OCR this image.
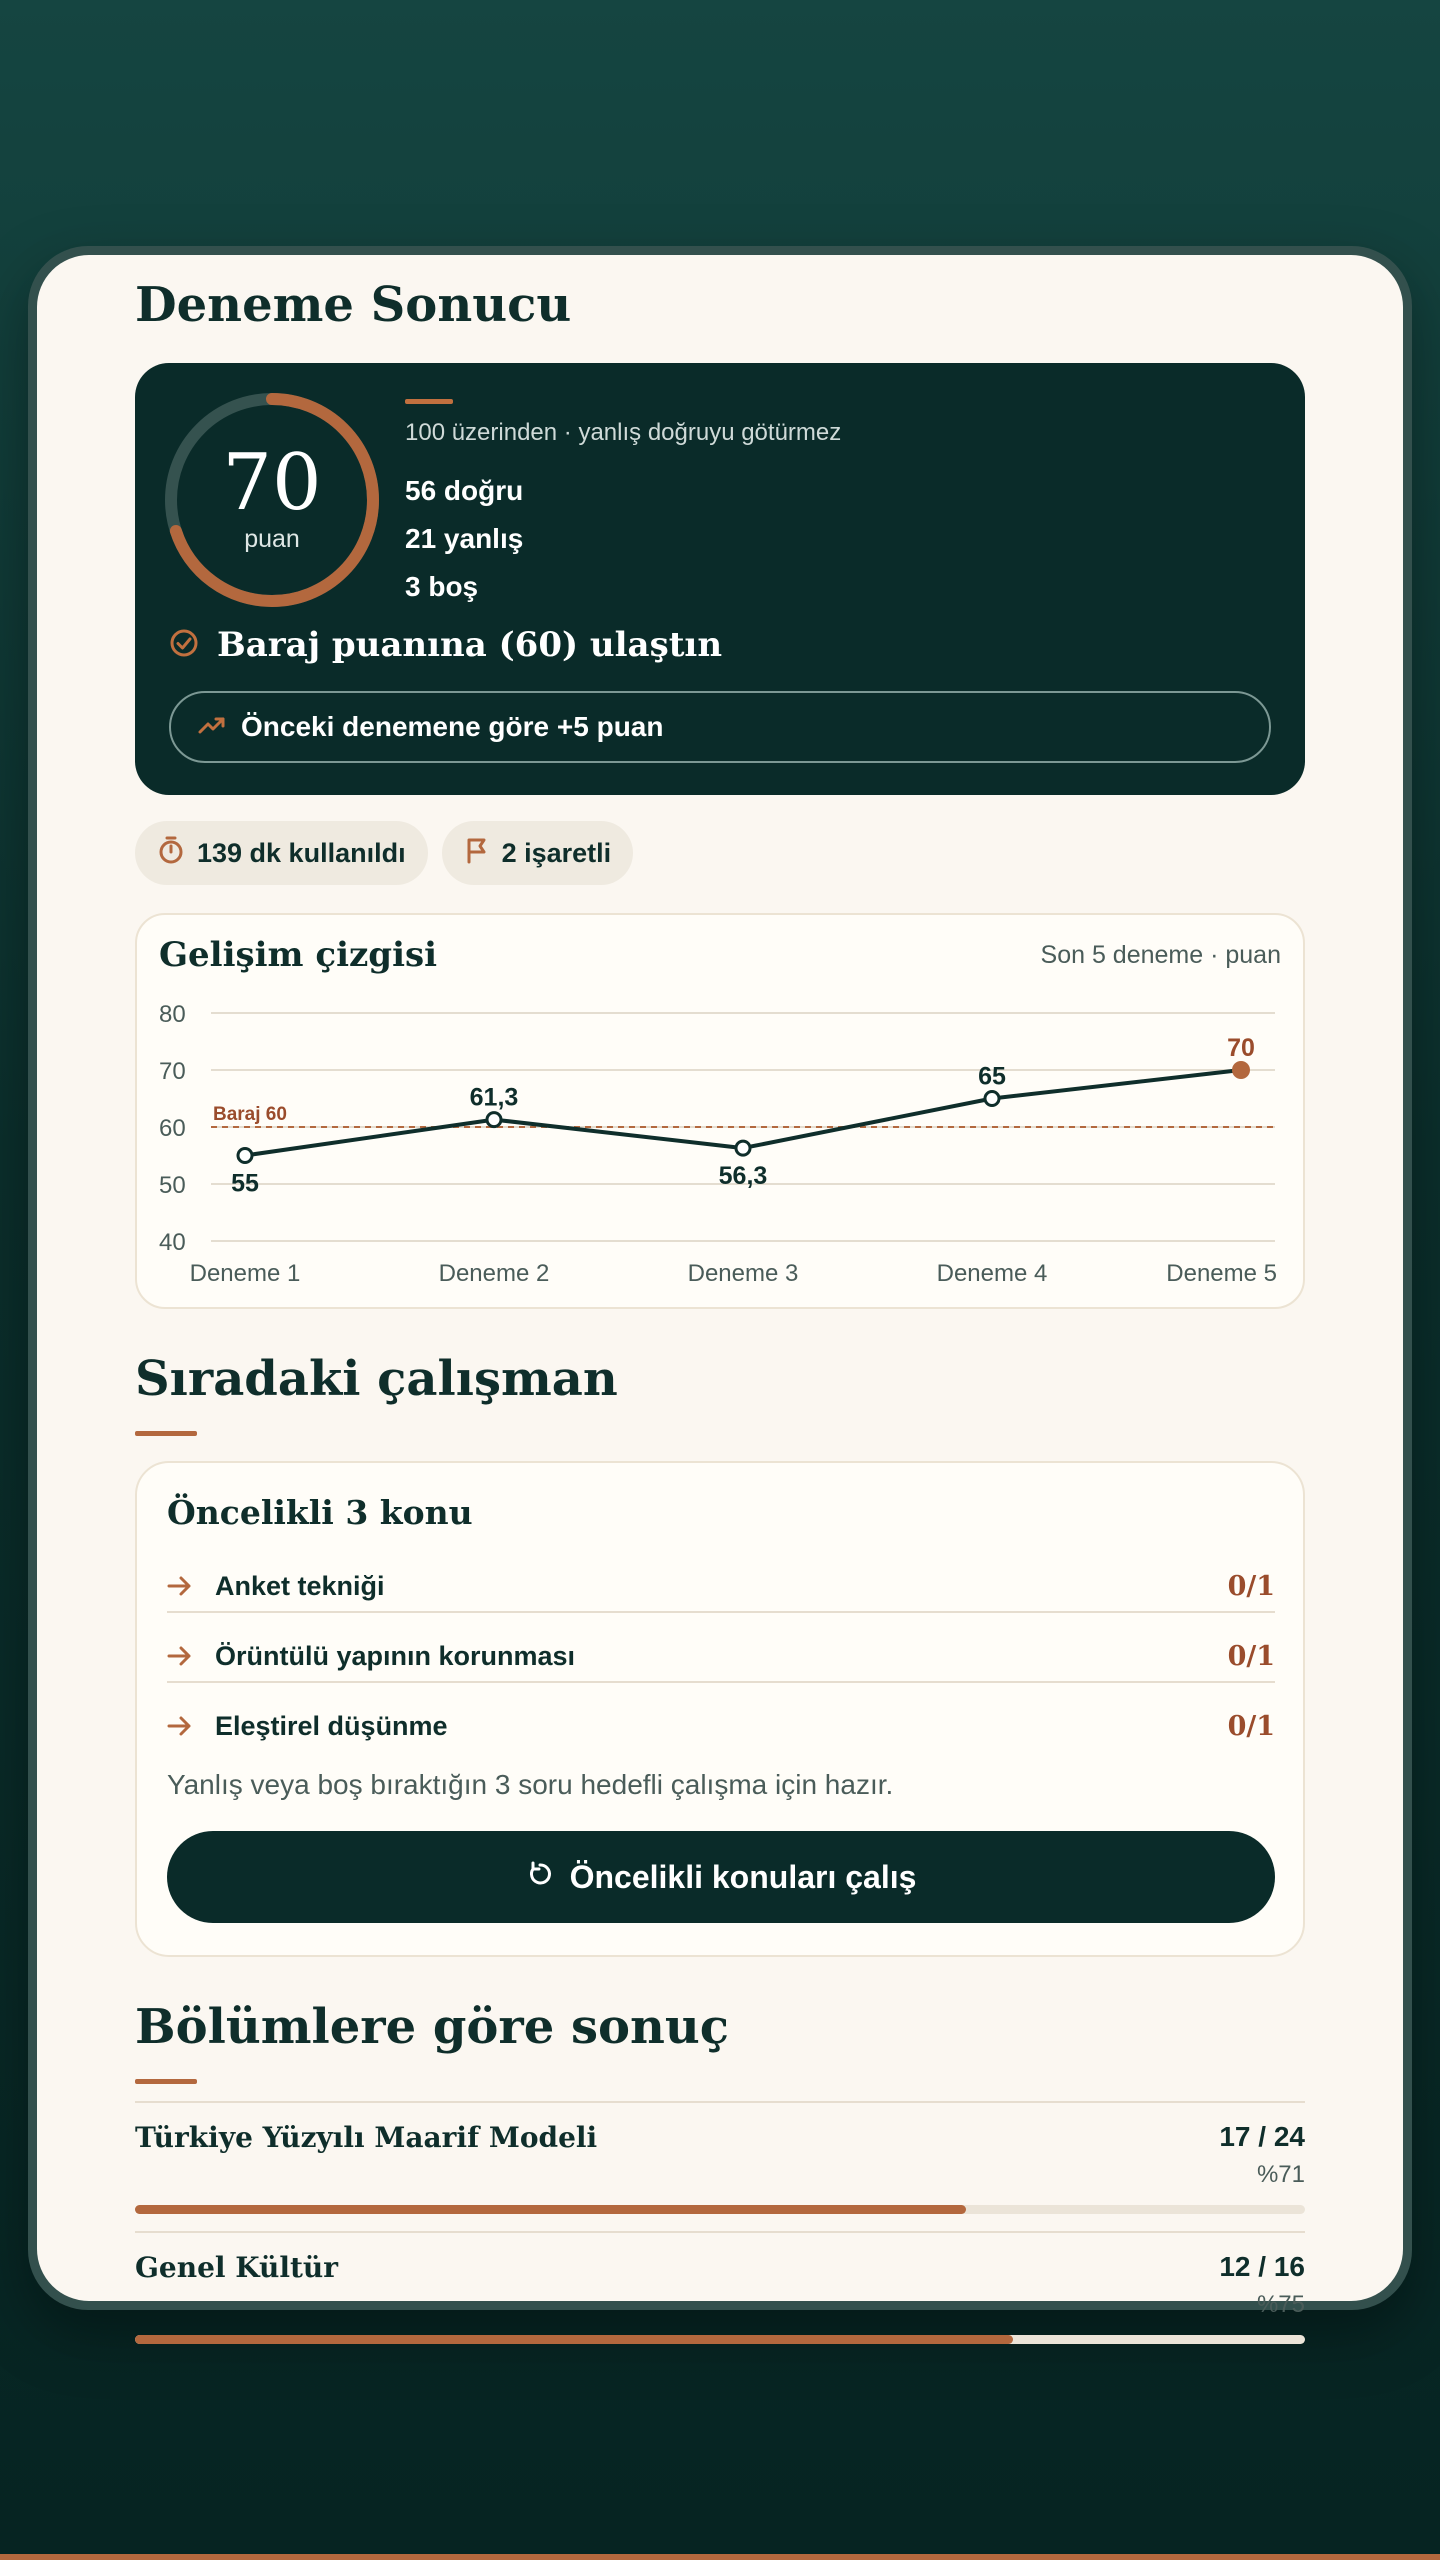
Deneme Sonucu
70
puan
100 üzerinden · yanlış doğruyu götürmez
56 doğru
21 yanlış
3 boş
Baraj puanına (60) ulaştın
Önceki denemene göre +5 puan
139 dk kullanıldı	2 işaretli
40
50
60
70
80
Baraj 60
55
Deneme 1
61,3
Deneme 2
56,3
Deneme 3
65
Deneme 4
70
Deneme 5
Gelişim çizgisi	Son 5 deneme · puan
Sıradaki çalışman
Öncelikli 3 konu
Anket tekniği	0/1
Örüntülü yapının korunması	0/1
Eleştirel düşünme	0/1
Yanlış veya boş bıraktığın 3 soru hedefli çalışma için hazır.
Öncelikli konuları çalış
Bölümlere göre sonuç
Türkiye Yüzyılı Maarif Modeli	17 / 24
%71
Genel Kültür	12 / 16
%75
